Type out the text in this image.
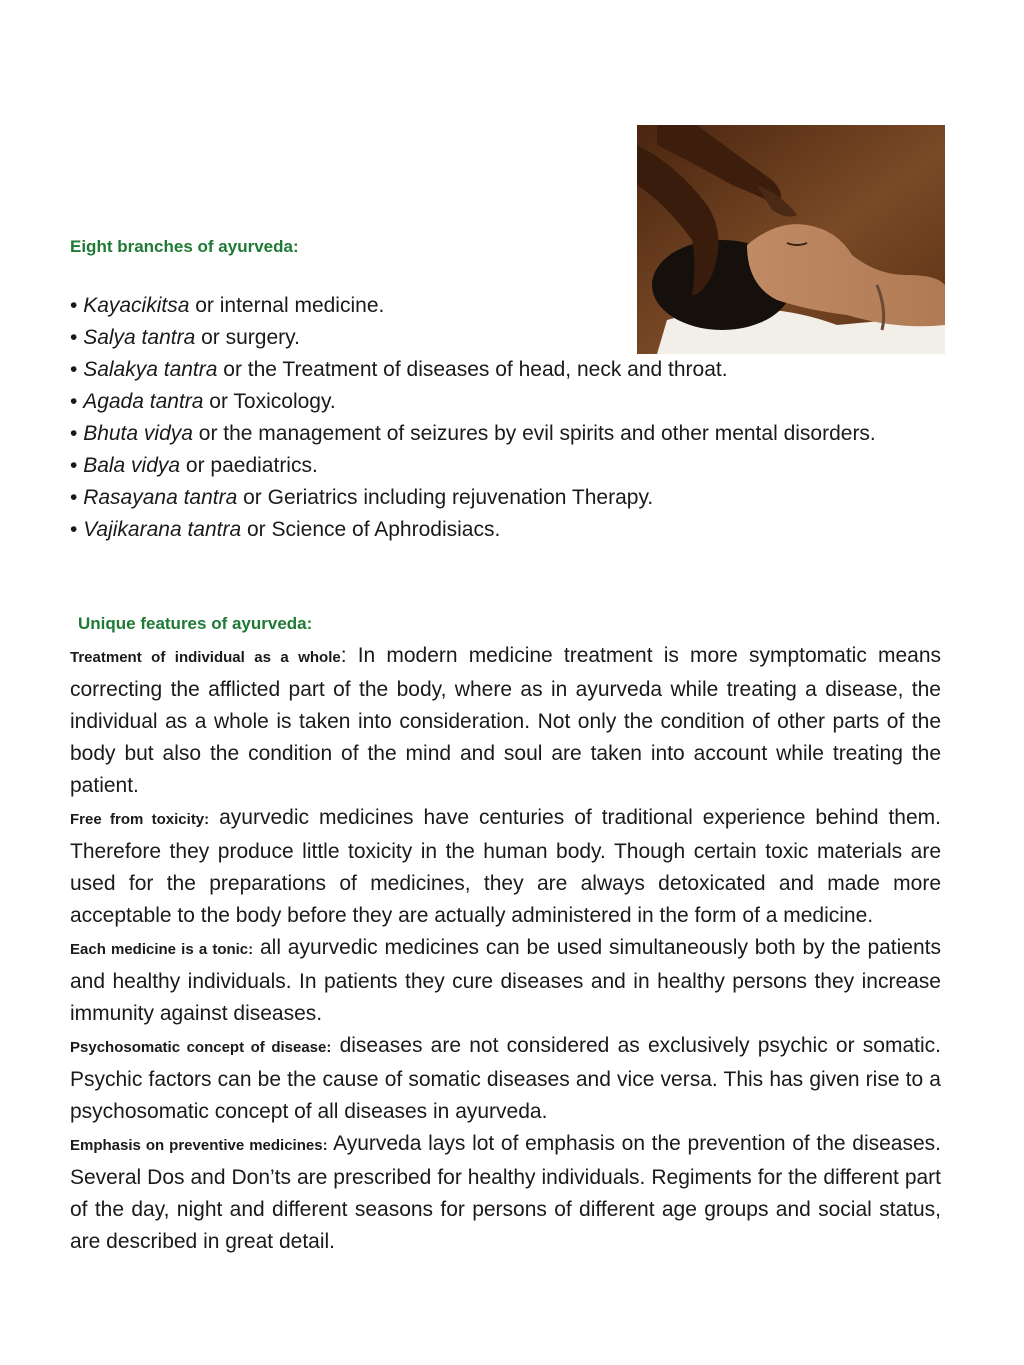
Eight branches of ayurveda:
• Kayacikitsa or internal medicine.
• Salya tantra or surgery.
• Salakya tantra or the Treatment of diseases of head, neck and throat.
• Agada tantra or Toxicology.
• Bhuta vidya or the management of seizures by evil spirits and other mental disorders.
• Bala vidya or paediatrics.
• Rasayana tantra or Geriatrics including rejuvenation Therapy.
• Vajikarana tantra or Science of Aphrodisiacs.
Unique features of ayurveda:
Treatment of individual as a whole: In modern medicine treatment is more symptomatic means correcting the afflicted part of the body, where as in ayurveda while treating a disease, the individual as a whole is taken into consideration. Not only the condition of other parts of the body but also the condition of the mind and soul are taken into account while treating the patient.
Free from toxicity: ayurvedic medicines have centuries of traditional experience behind them. Therefore they produce little toxicity in the human body. Though certain toxic materials are used for the preparations of medicines, they are always detoxicated and made more acceptable to the body before they are actually administered in the form of a medicine.
Each medicine is a tonic: all ayurvedic medicines can be used simultaneously both by the patients and healthy individuals. In patients they cure diseases and in healthy persons they increase immunity against diseases.
Psychosomatic concept of disease: diseases are not considered as exclusively psychic or somatic. Psychic factors can be the cause of somatic diseases and vice versa. This has given rise to a psychosomatic concept of all diseases in ayurveda.
Emphasis on preventive medicines: Ayurveda lays lot of emphasis on the prevention of the diseases. Several Dos and Don’ts are prescribed for healthy individuals. Regiments for the different part of the day, night and different seasons for persons of different age groups and social status, are described in great detail.
